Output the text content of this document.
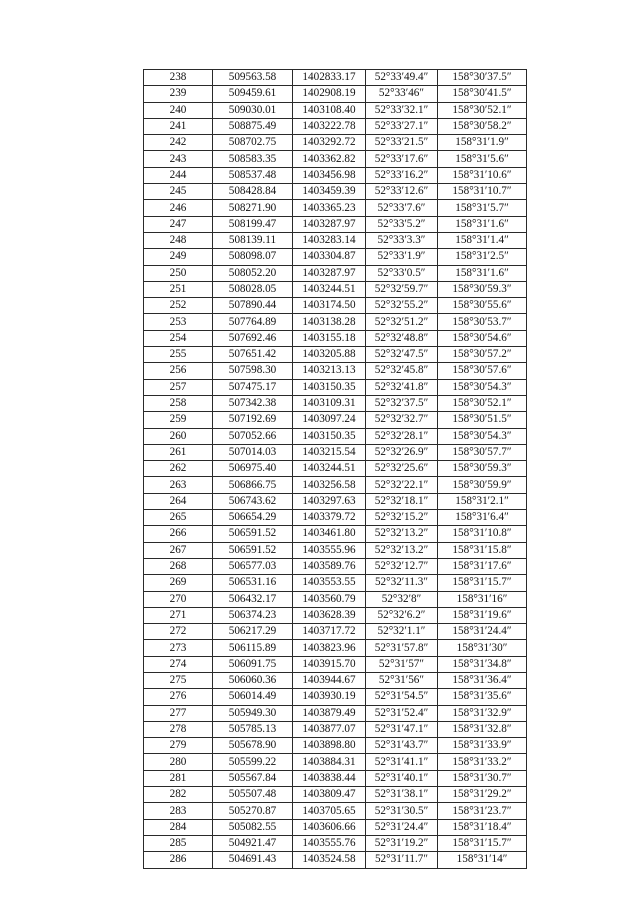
238	509563.58	1402833.17	52°33′49.4″	158°30′37.5″
239	509459.61	1402908.19	52°33′46″	158°30′41.5″
240	509030.01	1403108.40	52°33′32.1″	158°30′52.1″
241	508875.49	1403222.78	52°33′27.1″	158°30′58.2″
242	508702.75	1403292.72	52°33′21.5″	158°31′1.9″
243	508583.35	1403362.82	52°33′17.6″	158°31′5.6″
244	508537.48	1403456.98	52°33′16.2″	158°31′10.6″
245	508428.84	1403459.39	52°33′12.6″	158°31′10.7″
246	508271.90	1403365.23	52°33′7.6″	158°31′5.7″
247	508199.47	1403287.97	52°33′5.2″	158°31′1.6″
248	508139.11	1403283.14	52°33′3.3″	158°31′1.4″
249	508098.07	1403304.87	52°33′1.9″	158°31′2.5″
250	508052.20	1403287.97	52°33′0.5″	158°31′1.6″
251	508028.05	1403244.51	52°32′59.7″	158°30′59.3″
252	507890.44	1403174.50	52°32′55.2″	158°30′55.6″
253	507764.89	1403138.28	52°32′51.2″	158°30′53.7″
254	507692.46	1403155.18	52°32′48.8″	158°30′54.6″
255	507651.42	1403205.88	52°32′47.5″	158°30′57.2″
256	507598.30	1403213.13	52°32′45.8″	158°30′57.6″
257	507475.17	1403150.35	52°32′41.8″	158°30′54.3″
258	507342.38	1403109.31	52°32′37.5″	158°30′52.1″
259	507192.69	1403097.24	52°32′32.7″	158°30′51.5″
260	507052.66	1403150.35	52°32′28.1″	158°30′54.3″
261	507014.03	1403215.54	52°32′26.9″	158°30′57.7″
262	506975.40	1403244.51	52°32′25.6″	158°30′59.3″
263	506866.75	1403256.58	52°32′22.1″	158°30′59.9″
264	506743.62	1403297.63	52°32′18.1″	158°31′2.1″
265	506654.29	1403379.72	52°32′15.2″	158°31′6.4″
266	506591.52	1403461.80	52°32′13.2″	158°31′10.8″
267	506591.52	1403555.96	52°32′13.2″	158°31′15.8″
268	506577.03	1403589.76	52°32′12.7″	158°31′17.6″
269	506531.16	1403553.55	52°32′11.3″	158°31′15.7″
270	506432.17	1403560.79	52°32′8″	158°31′16″
271	506374.23	1403628.39	52°32′6.2″	158°31′19.6″
272	506217.29	1403717.72	52°32′1.1″	158°31′24.4″
273	506115.89	1403823.96	52°31′57.8″	158°31′30″
274	506091.75	1403915.70	52°31′57″	158°31′34.8″
275	506060.36	1403944.67	52°31′56″	158°31′36.4″
276	506014.49	1403930.19	52°31′54.5″	158°31′35.6″
277	505949.30	1403879.49	52°31′52.4″	158°31′32.9″
278	505785.13	1403877.07	52°31′47.1″	158°31′32.8″
279	505678.90	1403898.80	52°31′43.7″	158°31′33.9″
280	505599.22	1403884.31	52°31′41.1″	158°31′33.2″
281	505567.84	1403838.44	52°31′40.1″	158°31′30.7″
282	505507.48	1403809.47	52°31′38.1″	158°31′29.2″
283	505270.87	1403705.65	52°31′30.5″	158°31′23.7″
284	505082.55	1403606.66	52°31′24.4″	158°31′18.4″
285	504921.47	1403555.76	52°31′19.2″	158°31′15.7″
286	504691.43	1403524.58	52°31′11.7″	158°31′14″
